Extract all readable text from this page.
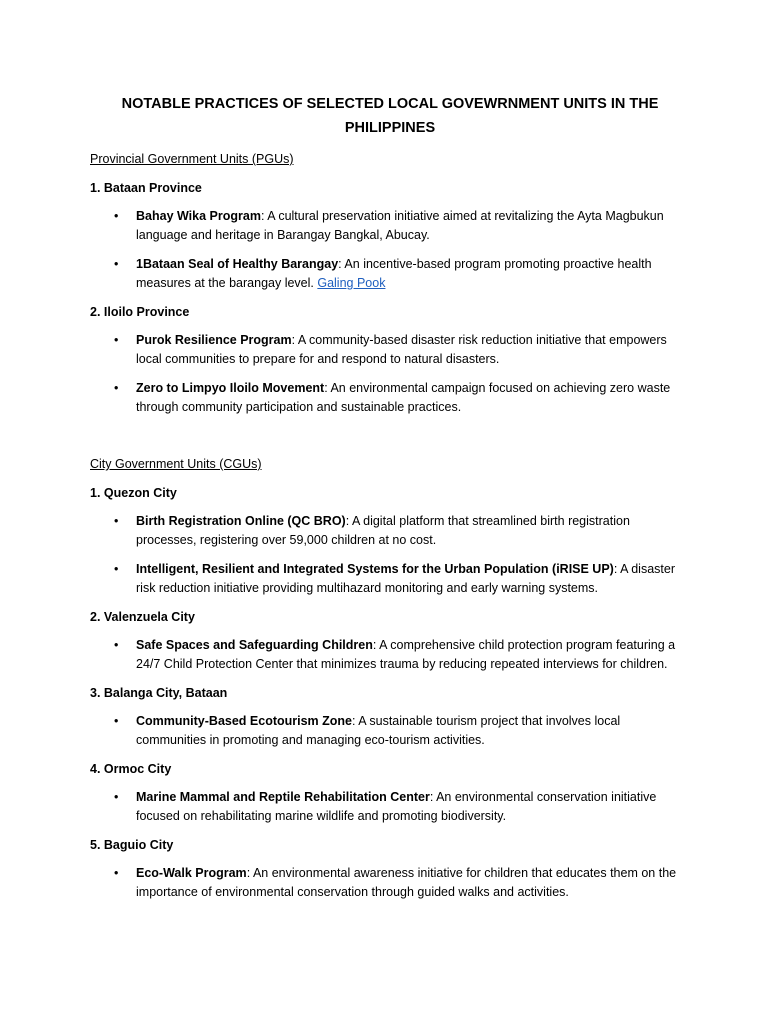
NOTABLE PRACTICES OF SELECTED LOCAL GOVEWRNMENT UNITS IN THE PHILIPPINES
Provincial Government Units (PGUs)
1. Bataan Province
• Bahay Wika Program: A cultural preservation initiative aimed at revitalizing the Ayta Magbukun language and heritage in Barangay Bangkal, Abucay.
• 1Bataan Seal of Healthy Barangay: An incentive-based program promoting proactive health measures at the barangay level. Galing Pook
2. Iloilo Province
• Purok Resilience Program: A community-based disaster risk reduction initiative that empowers local communities to prepare for and respond to natural disasters.
• Zero to Limpyo Iloilo Movement: An environmental campaign focused on achieving zero waste through community participation and sustainable practices.
City Government Units (CGUs)
1. Quezon City
• Birth Registration Online (QC BRO): A digital platform that streamlined birth registration processes, registering over 59,000 children at no cost.
• Intelligent, Resilient and Integrated Systems for the Urban Population (iRISE UP): A disaster risk reduction initiative providing multihazard monitoring and early warning systems.
2. Valenzuela City
• Safe Spaces and Safeguarding Children: A comprehensive child protection program featuring a 24/7 Child Protection Center that minimizes trauma by reducing repeated interviews for children.
3. Balanga City, Bataan
• Community-Based Ecotourism Zone: A sustainable tourism project that involves local communities in promoting and managing eco-tourism activities.
4. Ormoc City
• Marine Mammal and Reptile Rehabilitation Center: An environmental conservation initiative focused on rehabilitating marine wildlife and promoting biodiversity.
5. Baguio City
• Eco-Walk Program: An environmental awareness initiative for children that educates them on the importance of environmental conservation through guided walks and activities.
